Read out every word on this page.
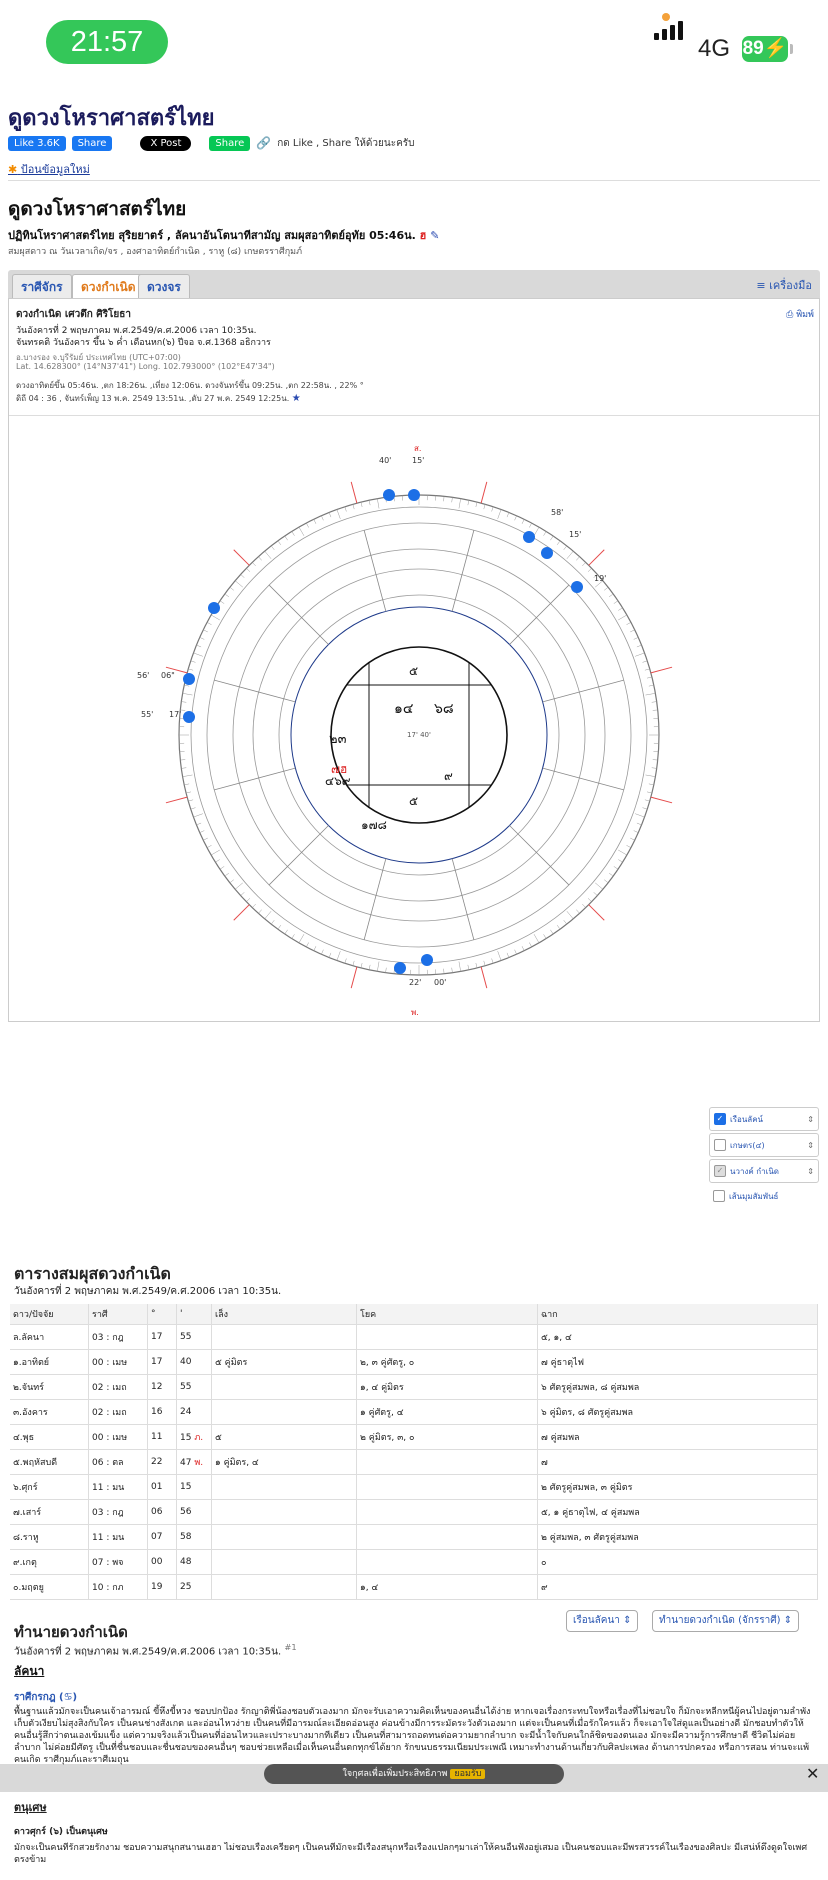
21:57	4G 89⚡
ดูดวงโหราศาสตร์ไทย
Like 3.6K	Share	X Post	Share	🔗 กด Like , Share ให้ด้วยนะครับ
✱ ป้อนข้อมูลใหม่
ดูดวงโหราศาสตร์ไทย
ปฏิทินโหราศาสตร์ไทย สุริยยาตร์ , ลัคนาอันโตนาทีสามัญ สมผุสอาทิตย์อุทัย 05:46น. ฮ ✎
สมผุสดาว ณ วันเวลาเกิด/จร , องศาอาทิตย์กำเนิด , ราหู (๘) เกษตรราศีกุมภ์
ราศีจักร	ดวงกำเนิด ดวงจร	≡ เครื่องมือ
ดวงกำเนิด เศวตึก ศิริโยธา	⎙ พิมพ์
วันอังคารที่ 2 พฤษภาคม พ.ศ.2549/ค.ศ.2006 เวลา 10:35น.
จันทรคติ วันอังคาร ขึ้น ๖ ค่ำ เดือนหก(๖) ปีจอ จ.ศ.1368 อธิกวาร
อ.บางรอง จ.บุรีรัมย์ ประเทศไทย (UTC+07:00)
Lat. 14.628300° (14°N37'41") Long. 102.793000° (102°E47'34")
ดวงอาทิตย์ขึ้น 05:46น. ,ตก 18:26น. ,เที่ยง 12:06น. ดวงจันทร์ขึ้น 09:25น. ,ตก 22:58น. , 22% °
ดิถี 04 : 36 , จันทร์เพ็ญ 13 พ.ค. 2549 13:51น. ,ดับ 27 พ.ค. 2549 12:25น. ★
17' 40'
๑๔ ๖๘
๒๓
๗ฮ
๔๖๙
๑๗๘
๕
๙
๕
40'	15'
ส.
22' 00'
พ.
56' 06"
55' 17'
58'
15'
19'
✓ เรือนลัคน์	⇕
เกษตร(๔)	⇕
✓ นวางค์ กำเนิด	⇕
เส้นมุมสัมพันธ์
ตารางสมผุสดวงกำเนิด
วันอังคารที่ 2 พฤษภาคม พ.ศ.2549/ค.ศ.2006 เวลา 10:35น.
ดาว/ปัจจัย	ราศี	°	'	เล็ง	โยค	ฉาก
ล.ลัคนา	03 : กฎ	17	55			๕, ๑, ๔
๑.อาทิตย์	00 : เมษ	17	40	๕ คู่มิตร	๒, ๓ คู่ศัตรู, ๐	๗ คู่ธาตุไฟ
๒.จันทร์	02 : เมถ	12	55		๑, ๔ คู่มิตร	๖ ศัตรูคู่สมพล, ๘ คู่สมพล
๓.อังคาร	02 : เมถ	16	24		๑ คู่ศัตรู, ๔	๖ คู่มิตร, ๘ ศัตรูคู่สมพล
๔.พุธ	00 : เมษ	11	15 ภ.	๕	๒ คู่มิตร, ๓, ๐	๗ คู่สมพล
๕.พฤหัสบดี	06 : ตล	22	47 พ.	๑ คู่มิตร, ๔		๗
๖.ศุกร์	11 : มน	01	15			๒ ศัตรูคู่สมพล, ๓ คู่มิตร
๗.เสาร์	03 : กฎ	06	56			๕, ๑ คู่ธาตุไฟ, ๔ คู่สมพล
๘.ราหู	11 : มน	07	58			๒ คู่สมพล, ๓ ศัตรูคู่สมพล
๙.เกตุ	07 : พจ	00	48			๐
๐.มฤตยู	10 : กภ	19	25		๑, ๔	๙
ทำนายดวงกำเนิด
เรือนลัคนา ⇕	ทำนายดวงกำเนิด (จักรราศี) ⇕
วันอังคารที่ 2 พฤษภาคม พ.ศ.2549/ค.ศ.2006 เวลา 10:35น. $^{\#1}$
ลัคนา
ราศีกรกฎ (♋)
พื้นฐานแล้วมักจะเป็นคนเจ้าอารมณ์ ขี้หึงขี้หวง ชอบปกป้อง รักญาติพี่น้องชอบตัวเองมาก มักจะรับเอาความคิดเห็นของคนอื่นได้ง่าย หากเจอเรื่องกระทบใจหรือเรื่องที่ไม่ชอบใจ ก็มักจะหลีกหนีผู้คนไปอยู่ตามลำพัง เก็บตัวเงียบไม่สุงสิงกับใคร เป็นคนช่างสังเกต และอ่อนไหวง่าย เป็นคนที่มีอารมณ์ละเอียดอ่อนสูง ค่อนข้างมีการระมัดระวังตัวเองมาก แต่จะเป็นคนที่เมื่อรักใครแล้ว ก็จะเอาใจใส่ดูแลเป็นอย่างดี มักชอบทำตัวให้คนอื่นรู้สึกว่าตนเองเข้มแข็ง แต่ความจริงแล้วเป็นคนที่อ่อนไหวและเปราะบางมากทีเดียว เป็นคนที่สามารถอดทนต่อความยากลำบาก จะมีน้ำใจกับคนใกล้ชิดของตนเอง มักจะมีความรู้การศึกษาดี ชีวิตไม่ค่อยลำบาก ไม่ค่อยมีศัตรู เป็นที่ชื่นชอบและชื่นชอบของคนอื่นๆ ชอบช่วยเหลือเมื่อเห็นคนอื่นตกทุกข์ได้ยาก รักขนบธรรมเนียมประเพณี เหมาะทำงานด้านเกี่ยวกับศิลปะเพลง ด้านการปกครอง หรือการสอน ท่านจะแพ้คนเกิด ราศีกุมภ์และราศีเมถุน
ตนุเศษ
ดาวศุกร์ (๖) เป็นตนุเศษ
มักจะเป็นคนที่รักสวยรักงาม ชอบความสนุกสนานเฮฮา ไม่ชอบเรื่องเครียดๆ เป็นคนที่มักจะมีเรื่องสนุกหรือเรื่องแปลกๆมาเล่าให้คนอื่นฟังอยู่เสมอ เป็นคนชอบและมีพรสวรรค์ในเรื่องของศิลปะ มีเสน่ห์ดึงดูดใจเพศตรงข้าม
ใจกุศลเพื่อเพิ่มประสิทธิภาพ ยอมรับ	✕
